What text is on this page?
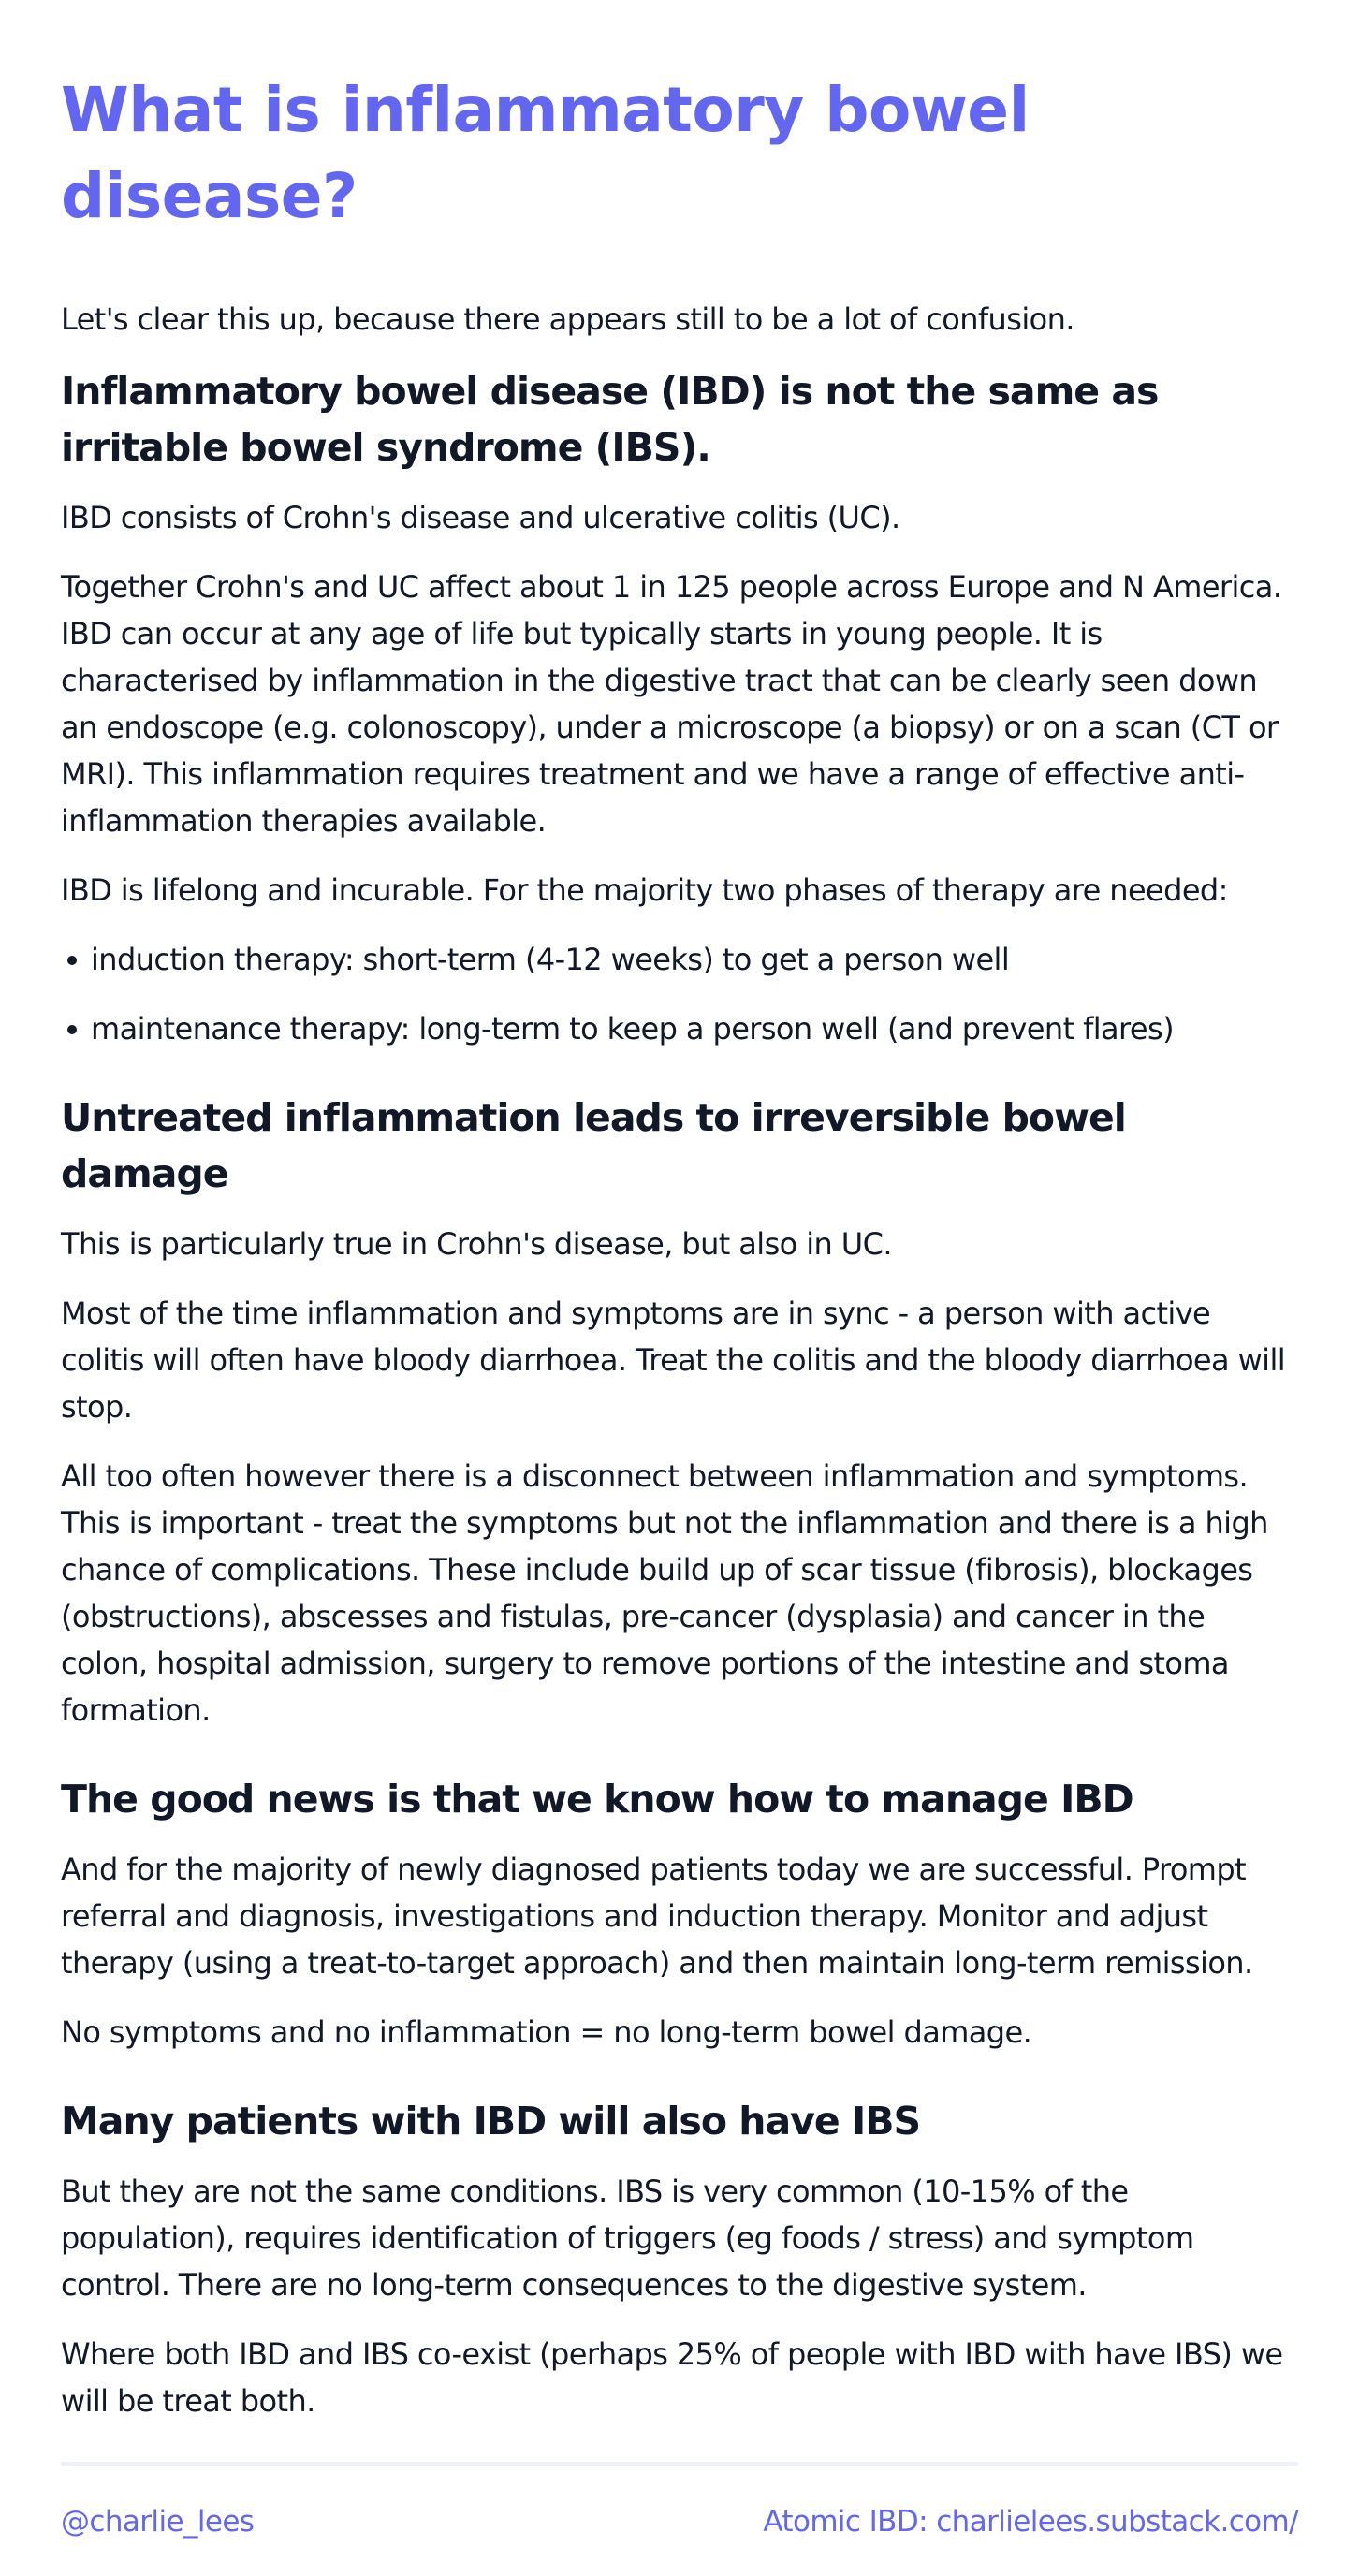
What is inflammatory bowel disease?

Let's clear this up, because there appears still to be a lot of confusion.

Inflammatory bowel disease (IBD) is not the same as irritable bowel syndrome (IBS).

IBD consists of Crohn's disease and ulcerative colitis (UC).

Together Crohn's and UC affect about 1 in 125 people across Europe and N America. IBD can occur at any age of life but typically starts in young people. It is characterised by inflammation in the digestive tract that can be clearly seen down an endoscope (e.g. colonoscopy), under a microscope (a biopsy) or on a scan (CT or MRI). This inflammation requires treatment and we have a range of effective anti-inflammation therapies available.

IBD is lifelong and incurable. For the majority two phases of therapy are needed:

induction therapy: short-term (4-12 weeks) to get a person well
maintenance therapy: long-term to keep a person well (and prevent flares)
Untreated inflammation leads to irreversible bowel damage

This is particularly true in Crohn's disease, but also in UC.

Most of the time inflammation and symptoms are in sync - a person with active colitis will often have bloody diarrhoea. Treat the colitis and the bloody diarrhoea will stop.

All too often however there is a disconnect between inflammation and symptoms. This is important - treat the symptoms but not the inflammation and there is a high chance of complications. These include build up of scar tissue (fibrosis), blockages (obstructions), abscesses and fistulas, pre-cancer (dysplasia) and cancer in the colon, hospital admission, surgery to remove portions of the intestine and stoma formation.

The good news is that we know how to manage IBD

And for the majority of newly diagnosed patients today we are successful. Prompt referral and diagnosis, investigations and induction therapy. Monitor and adjust therapy (using a treat-to-target approach) and then maintain long-term remission.

No symptoms and no inflammation = no long-term bowel damage.

Many patients with IBD will also have IBS

But they are not the same conditions. IBS is very common (10-15% of the population), requires identification of triggers (eg foods / stress) and symptom control. There are no long-term consequences to the digestive system.

Where both IBD and IBS co-exist (perhaps 25% of people with IBD with have IBS) we will be treat both.

@charlie_lees	Atomic IBD: charlielees.substack.com/
